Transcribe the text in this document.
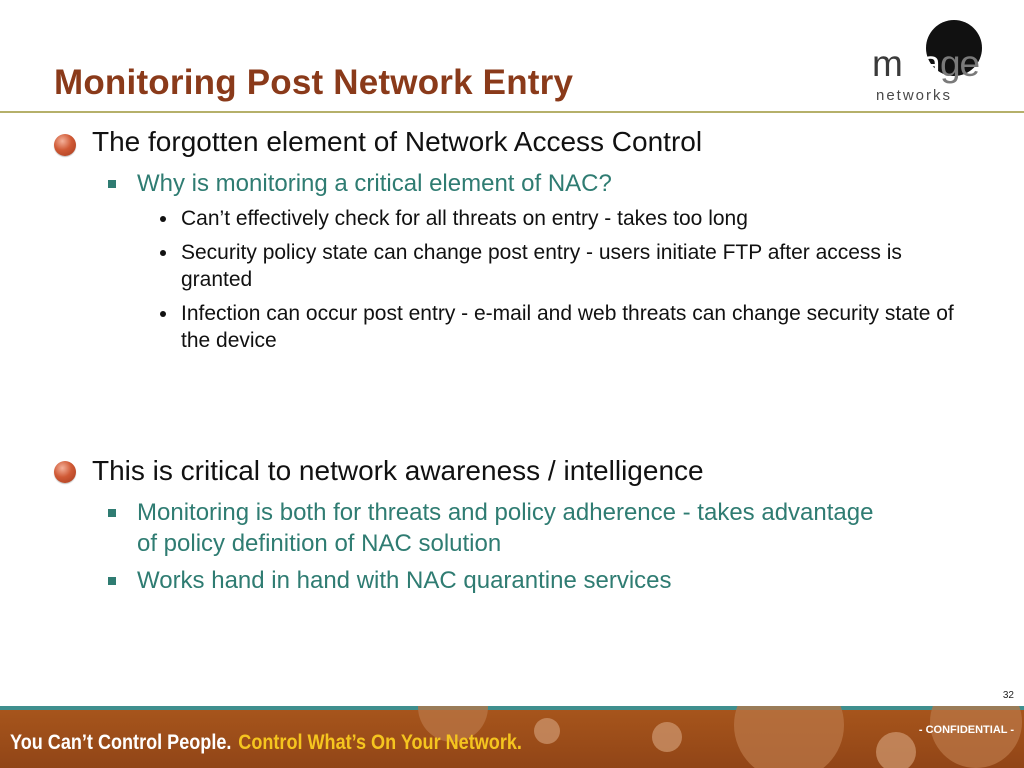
Monitoring Post Network Entry	mirage
networks

The forgotten element of Network Access Control

Why is monitoring a critical element of NAC?

Can’t effectively check for all threats on entry - takes too long

Security policy state can change post entry - users initiate FTP after access is granted

Infection can occur post entry - e-mail and web threats can change security state of the device

This is critical to network awareness / intelligence

Monitoring is both for threats and policy adherence - takes advantage of policy definition of NAC solution

Works hand in hand with NAC quarantine services

32
You Can’t Control People. Control What’s On Your Network.
- CONFIDENTIAL -
